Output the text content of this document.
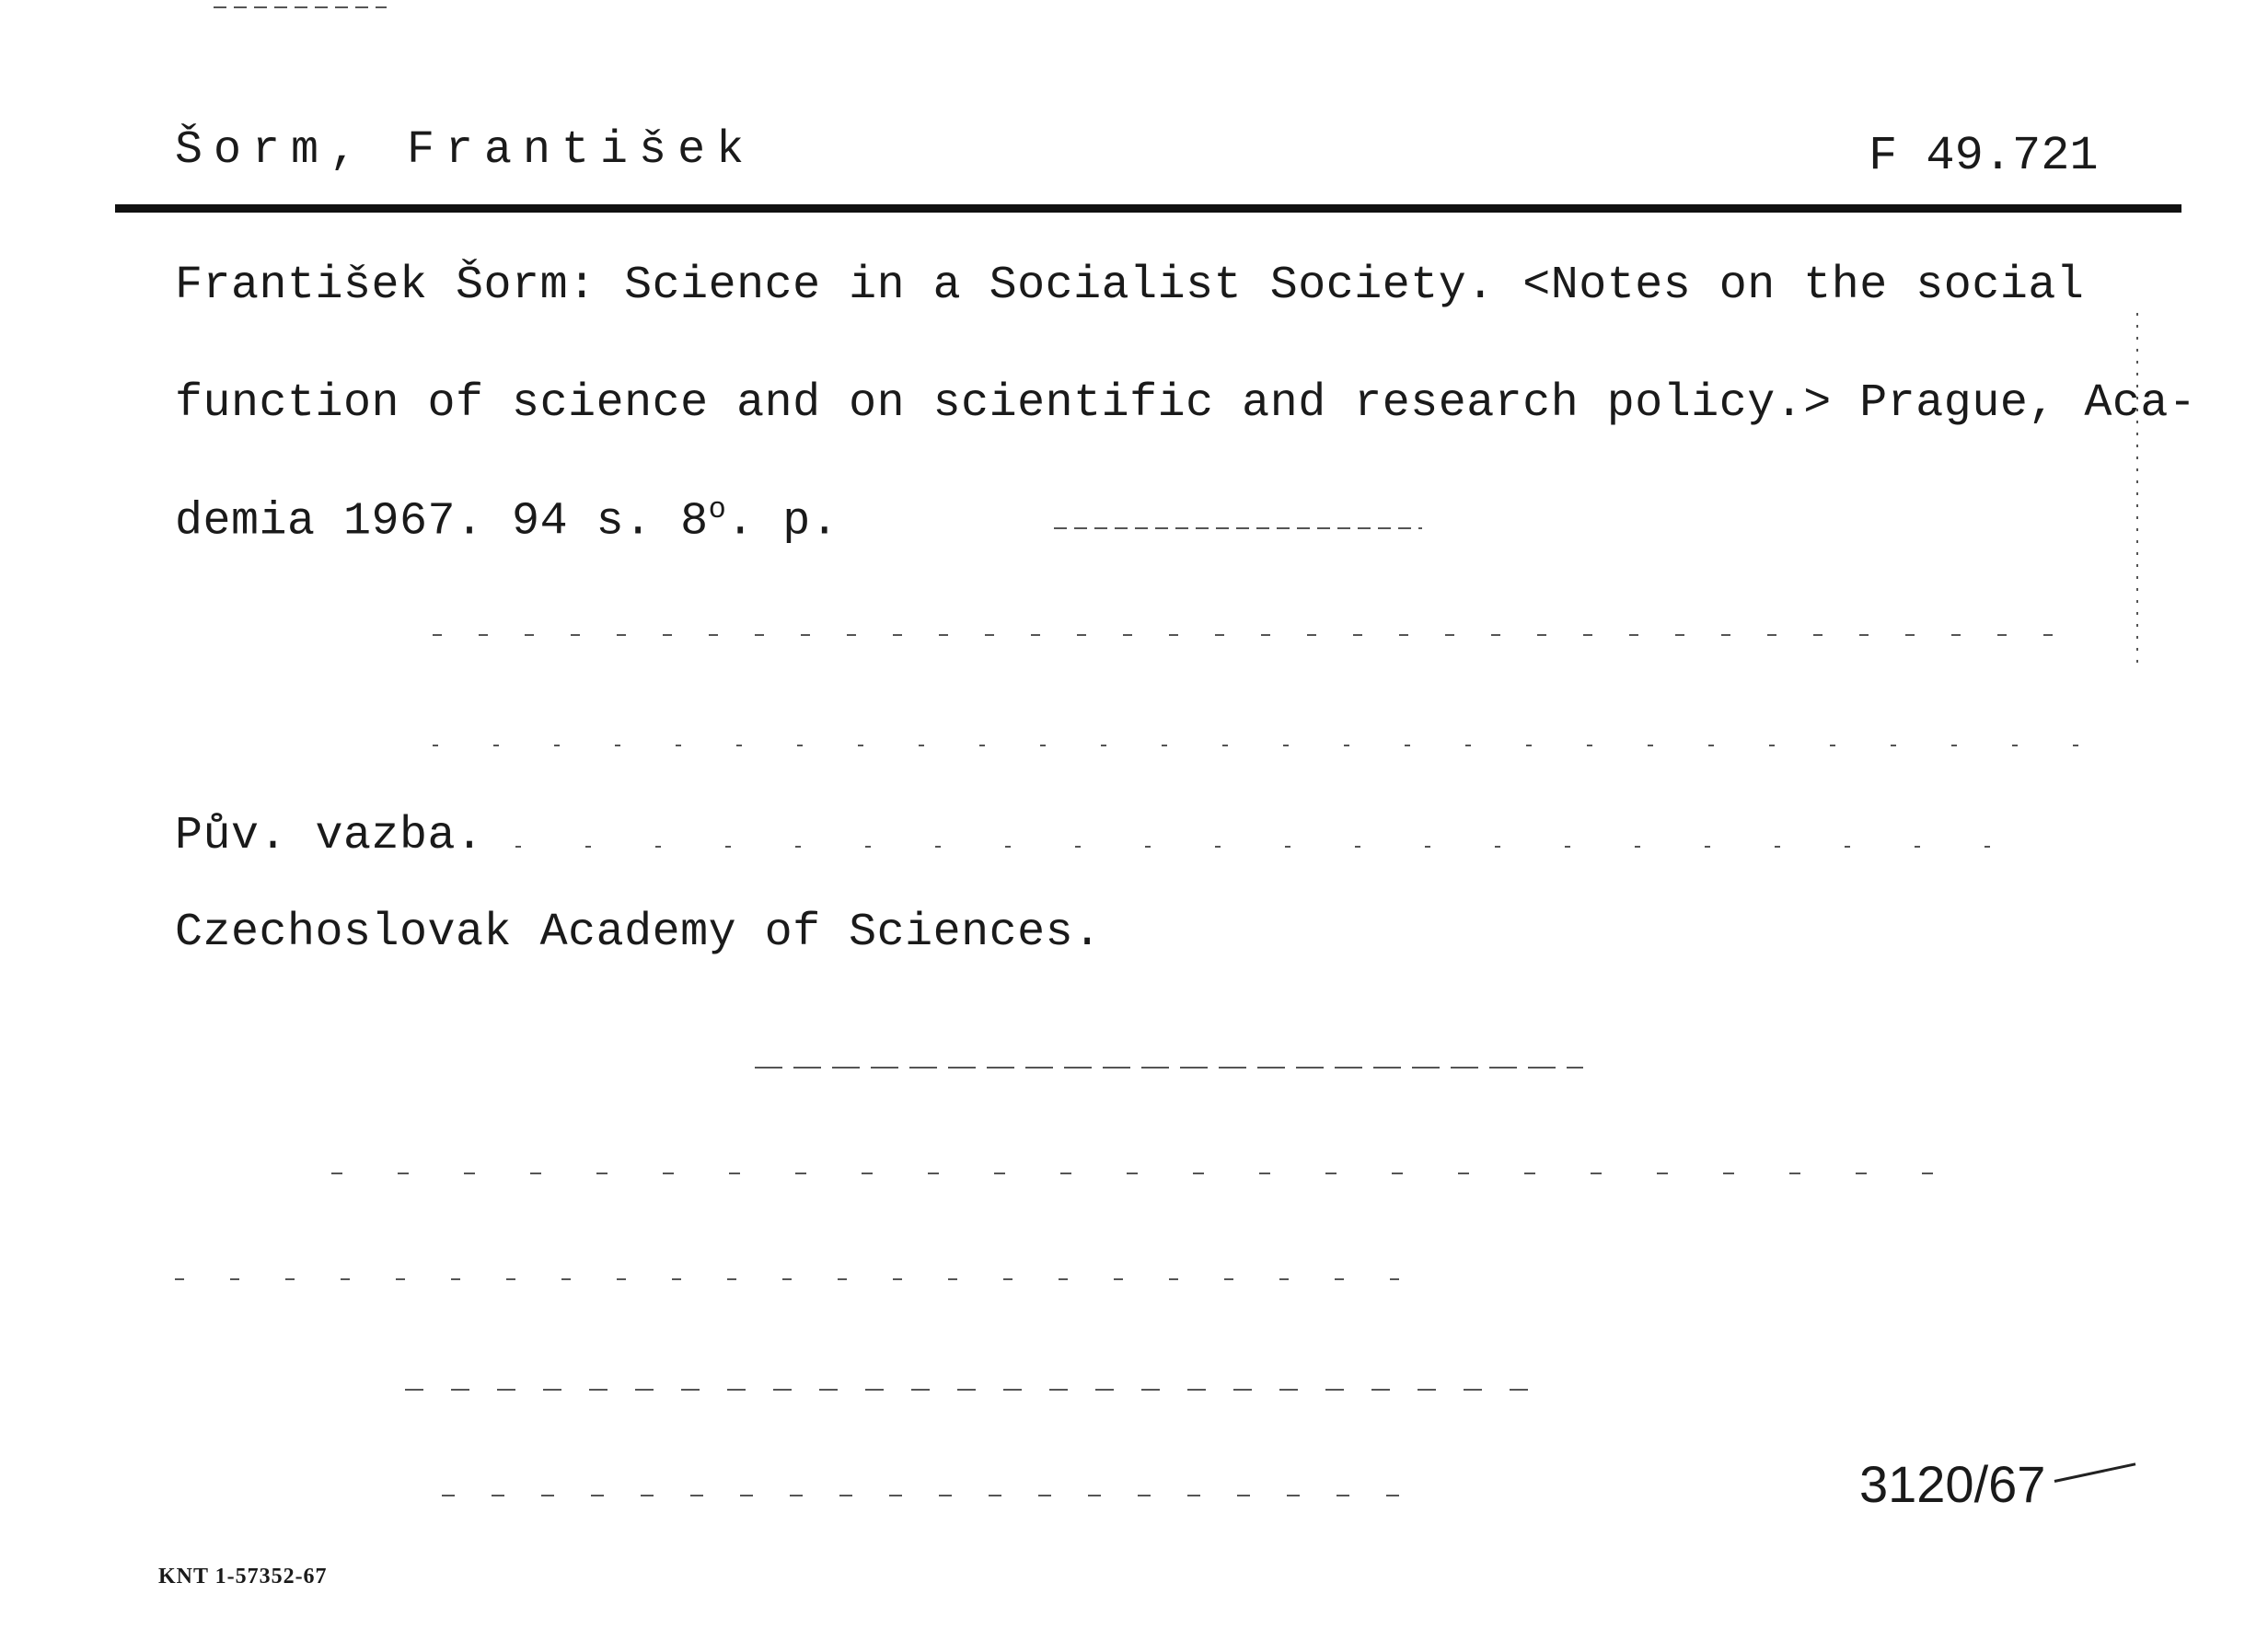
Šorm, František	F 49.721
František Šorm: Science in a Socialist Society. <Notes on the social
function of science and on scientific and research policy.> Prague, Aca-
demia 1967. 94 s. 8$^o$. p.
Pův. vazba.
Czechoslovak Academy of Sciences.
3120/67
KNT 1-57352-67
